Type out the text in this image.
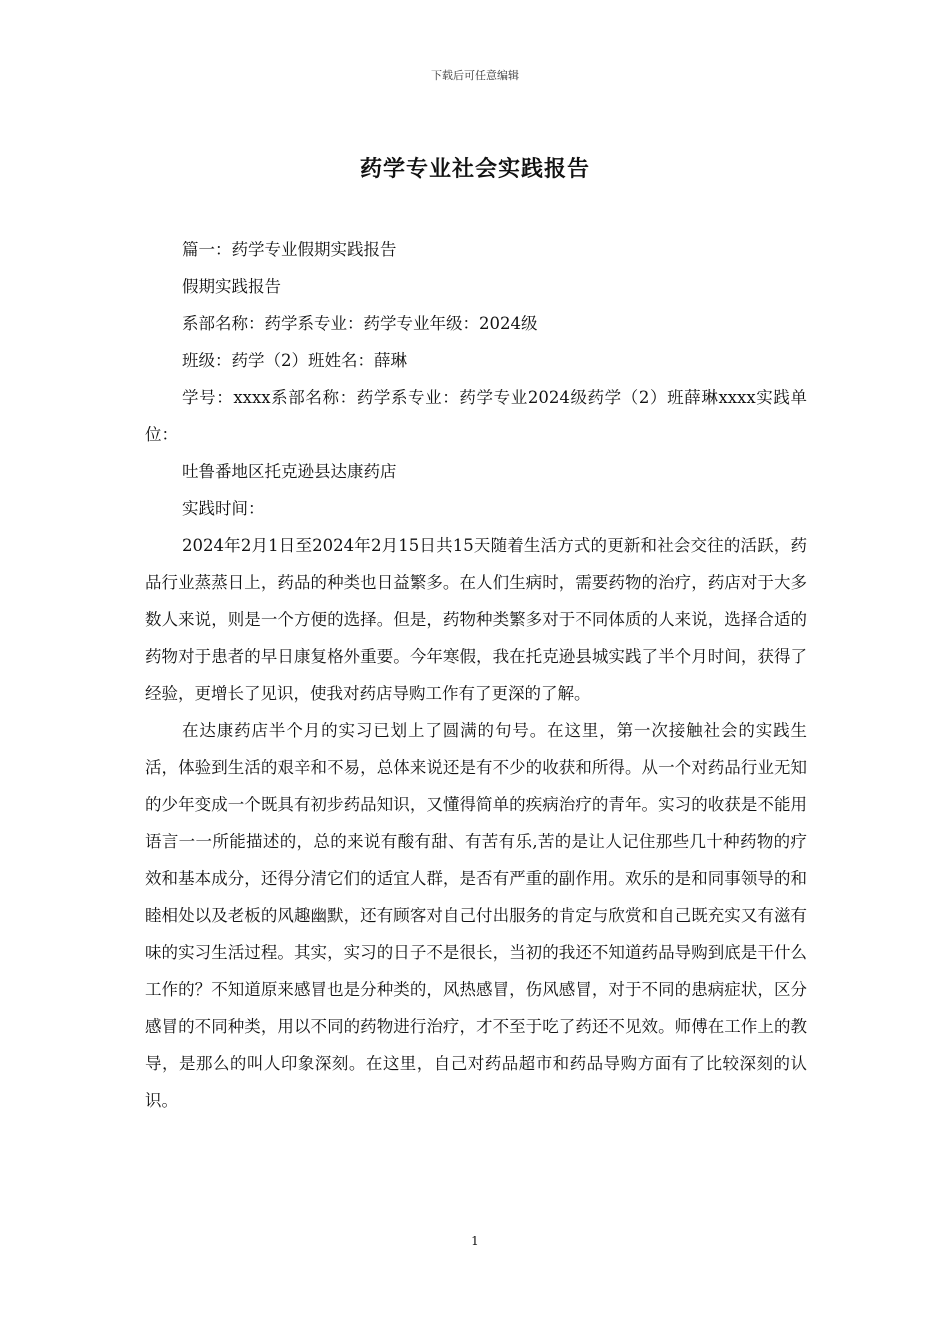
下载后可任意编辑
药学专业社会实践报告

篇一：药学专业假期实践报告

假期实践报告

系部名称：药学系专业：药学专业年级：2024级

班级：药学（2）班姓名：薛琳

学号：xxxx系部名称：药学系专业：药学专业2024级药学（2）班薛琳xxxx实践单位：

吐鲁番地区托克逊县达康药店

实践时间：

2024年2月1日至2024年2月15日共15天随着生活方式的更新和社会交往的活跃，药品行业蒸蒸日上，药品的种类也日益繁多。在人们生病时，需要药物的治疗，药店对于大多数人来说，则是一个方便的选择。但是，药物种类繁多对于不同体质的人来说，选择合适的药物对于患者的早日康复格外重要。今年寒假，我在托克逊县城实践了半个月时间，获得了经验，更增长了见识，使我对药店导购工作有了更深的了解。

在达康药店半个月的实习已划上了圆满的句号。在这里，第一次接触社会的实践生活，体验到生活的艰辛和不易，总体来说还是有不少的收获和所得。从一个对药品行业无知的少年变成一个既具有初步药品知识，又懂得简单的疾病治疗的青年。实习的收获是不能用语言一一所能描述的，总的来说有酸有甜、有苦有乐,苦的是让人记住那些几十种药物的疗效和基本成分，还得分清它们的适宜人群，是否有严重的副作用。欢乐的是和同事领导的和睦相处以及老板的风趣幽默，还有顾客对自己付出服务的肯定与欣赏和自己既充实又有滋有味的实习生活过程。其实，实习的日子不是很长，当初的我还不知道药品导购到底是干什么工作的？不知道原来感冒也是分种类的，风热感冒，伤风感冒，对于不同的患病症状，区分感冒的不同种类，用以不同的药物进行治疗，才不至于吃了药还不见效。师傅在工作上的教导，是那么的叫人印象深刻。在这里，自己对药品超市和药品导购方面有了比较深刻的认识。

1
